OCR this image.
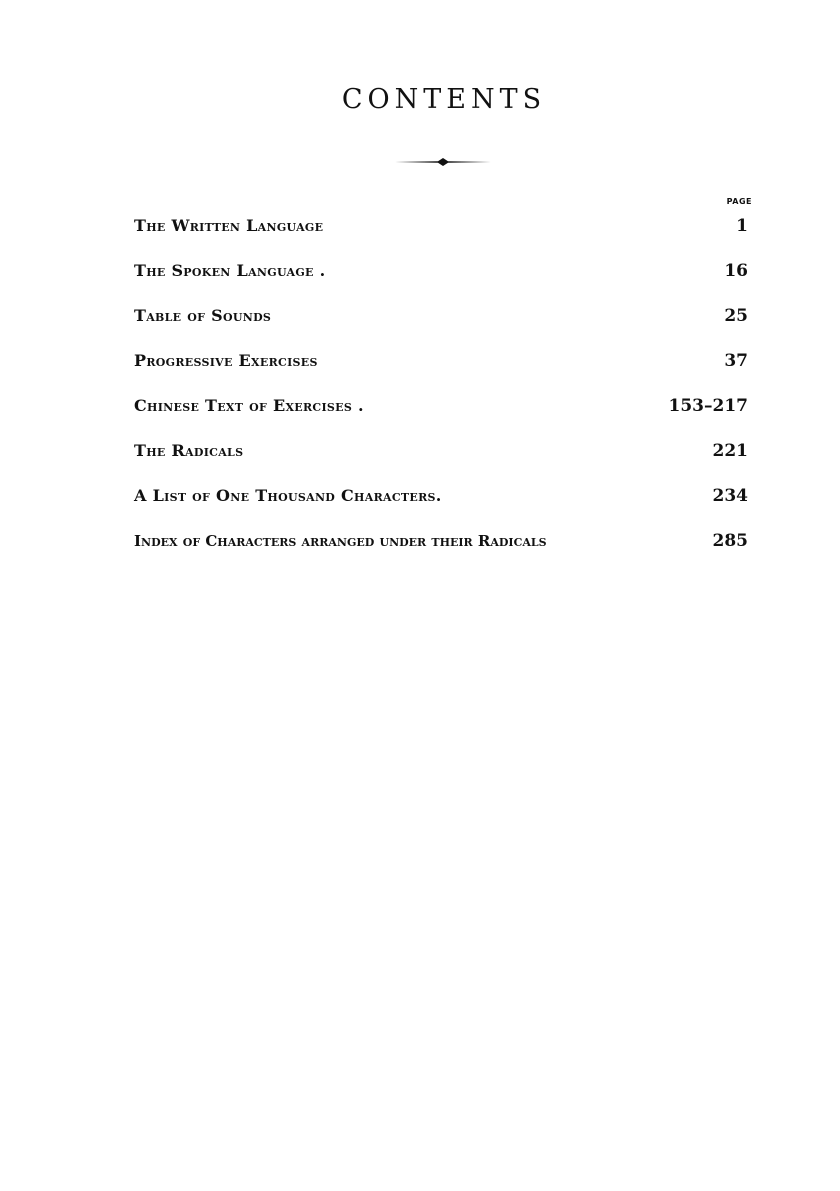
CONTENTS
PAGE
The Written Language	1
The Spoken Language .	16
Table of Sounds	25
Progressive Exercises	37
Chinese Text of Exercises .	153–217
The Radicals	221
A List of One Thousand Characters.	234
Index of Characters arranged under their Radicals	285
